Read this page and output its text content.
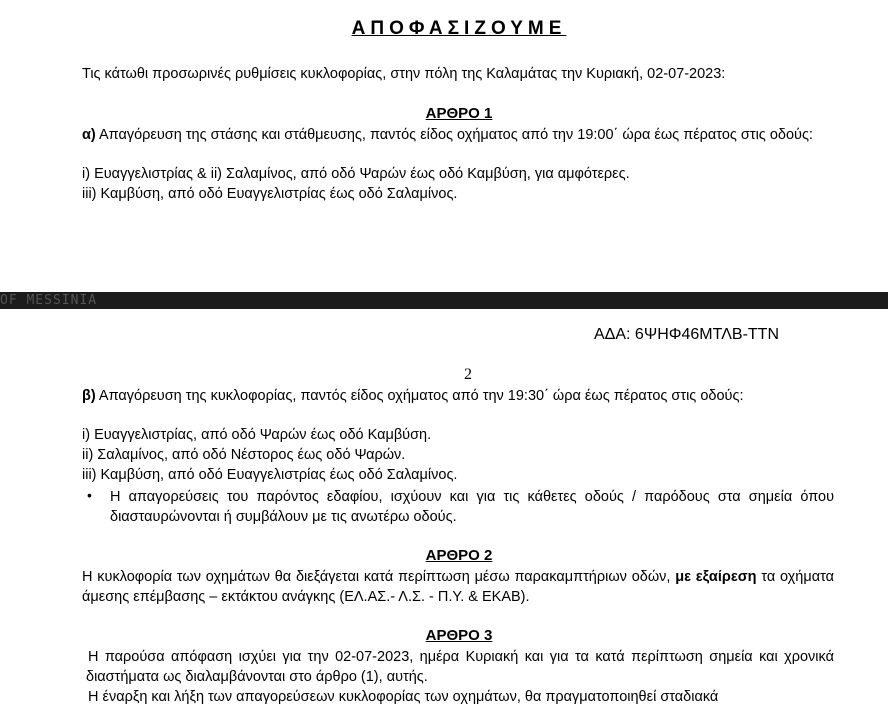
ΑΠΟΦΑΣΙΖΟΥΜΕ
Τις κάτωθι προσωρινές ρυθμίσεις κυκλοφορίας, στην πόλη της Καλαμάτας την Κυριακή, 02-07-2023:
ΑΡΘΡΟ 1
α) Απαγόρευση της στάσης και στάθμευσης, παντός είδος οχήματος από την 19:00΄ ώρα έως πέρατος στις οδούς:
i) Ευαγγελιστρίας & ii) Σαλαμίνος, από οδό Ψαρών έως οδό Καμβύση, για αμφότερες.
iii) Καμβύση, από οδό Ευαγγελιστρίας έως οδό Σαλαμίνος.
OF MESSINIA
ΑΔΑ: 6ΨΗΦ46ΜΤΛΒ-ΤΤΝ
2
β) Απαγόρευση της κυκλοφορίας, παντός είδος οχήματος από την 19:30΄ ώρα έως πέρατος στις οδούς:
i) Ευαγγελιστρίας, από οδό Ψαρών έως οδό Καμβύση.
ii) Σαλαμίνος, από οδό Νέστορος έως οδό Ψαρών.
iii) Καμβύση, από οδό Ευαγγελιστρίας έως οδό Σαλαμίνος.
• Η απαγορεύσεις του παρόντος εδαφίου, ισχύουν και για τις κάθετες οδούς / παρόδους στα σημεία όπου διασταυρώνονται ή συμβάλουν με τις ανωτέρω οδούς.
ΑΡΘΡΟ 2
Η κυκλοφορία των οχημάτων θα διεξάγεται κατά περίπτωση μέσω παρακαμπτήριων οδών, με εξαίρεση τα οχήματα άμεσης επέμβασης – εκτάκτου ανάγκης (ΕΛ.ΑΣ.- Λ.Σ. - Π.Υ. & ΕΚΑΒ).
ΑΡΘΡΟ 3
Η παρούσα απόφαση ισχύει για την 02-07-2023, ημέρα Κυριακή και για τα κατά περίπτωση σημεία και χρονικά διαστήματα ως διαλαμβάνονται στο άρθρο (1), αυτής.
Η έναρξη και λήξη των απαγορεύσεων κυκλοφορίας των οχημάτων, θα πραγματοποιηθεί σταδιακά
